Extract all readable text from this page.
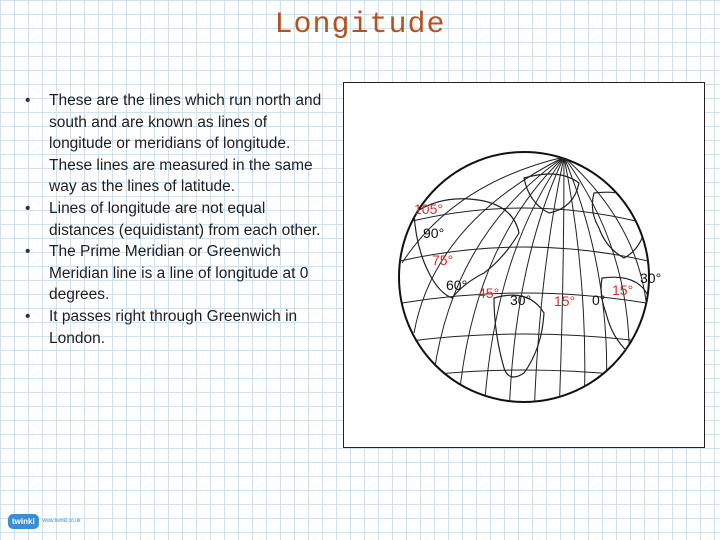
Longitude
• These are the lines which run north and south and are known as lines of longitude or meridians of longitude. These lines are measured in the same way as the lines of latitude.
• Lines of longitude are not equal distances (equidistant) from each other.
• The Prime Meridian or Greenwich Meridian line is a line of longitude at 0 degrees.
• It passes right through Greenwich in London.
105°
90°
75°
60° 45° 30° 15° 0°
15°
30°
twinkl	www.twinkl.co.uk
